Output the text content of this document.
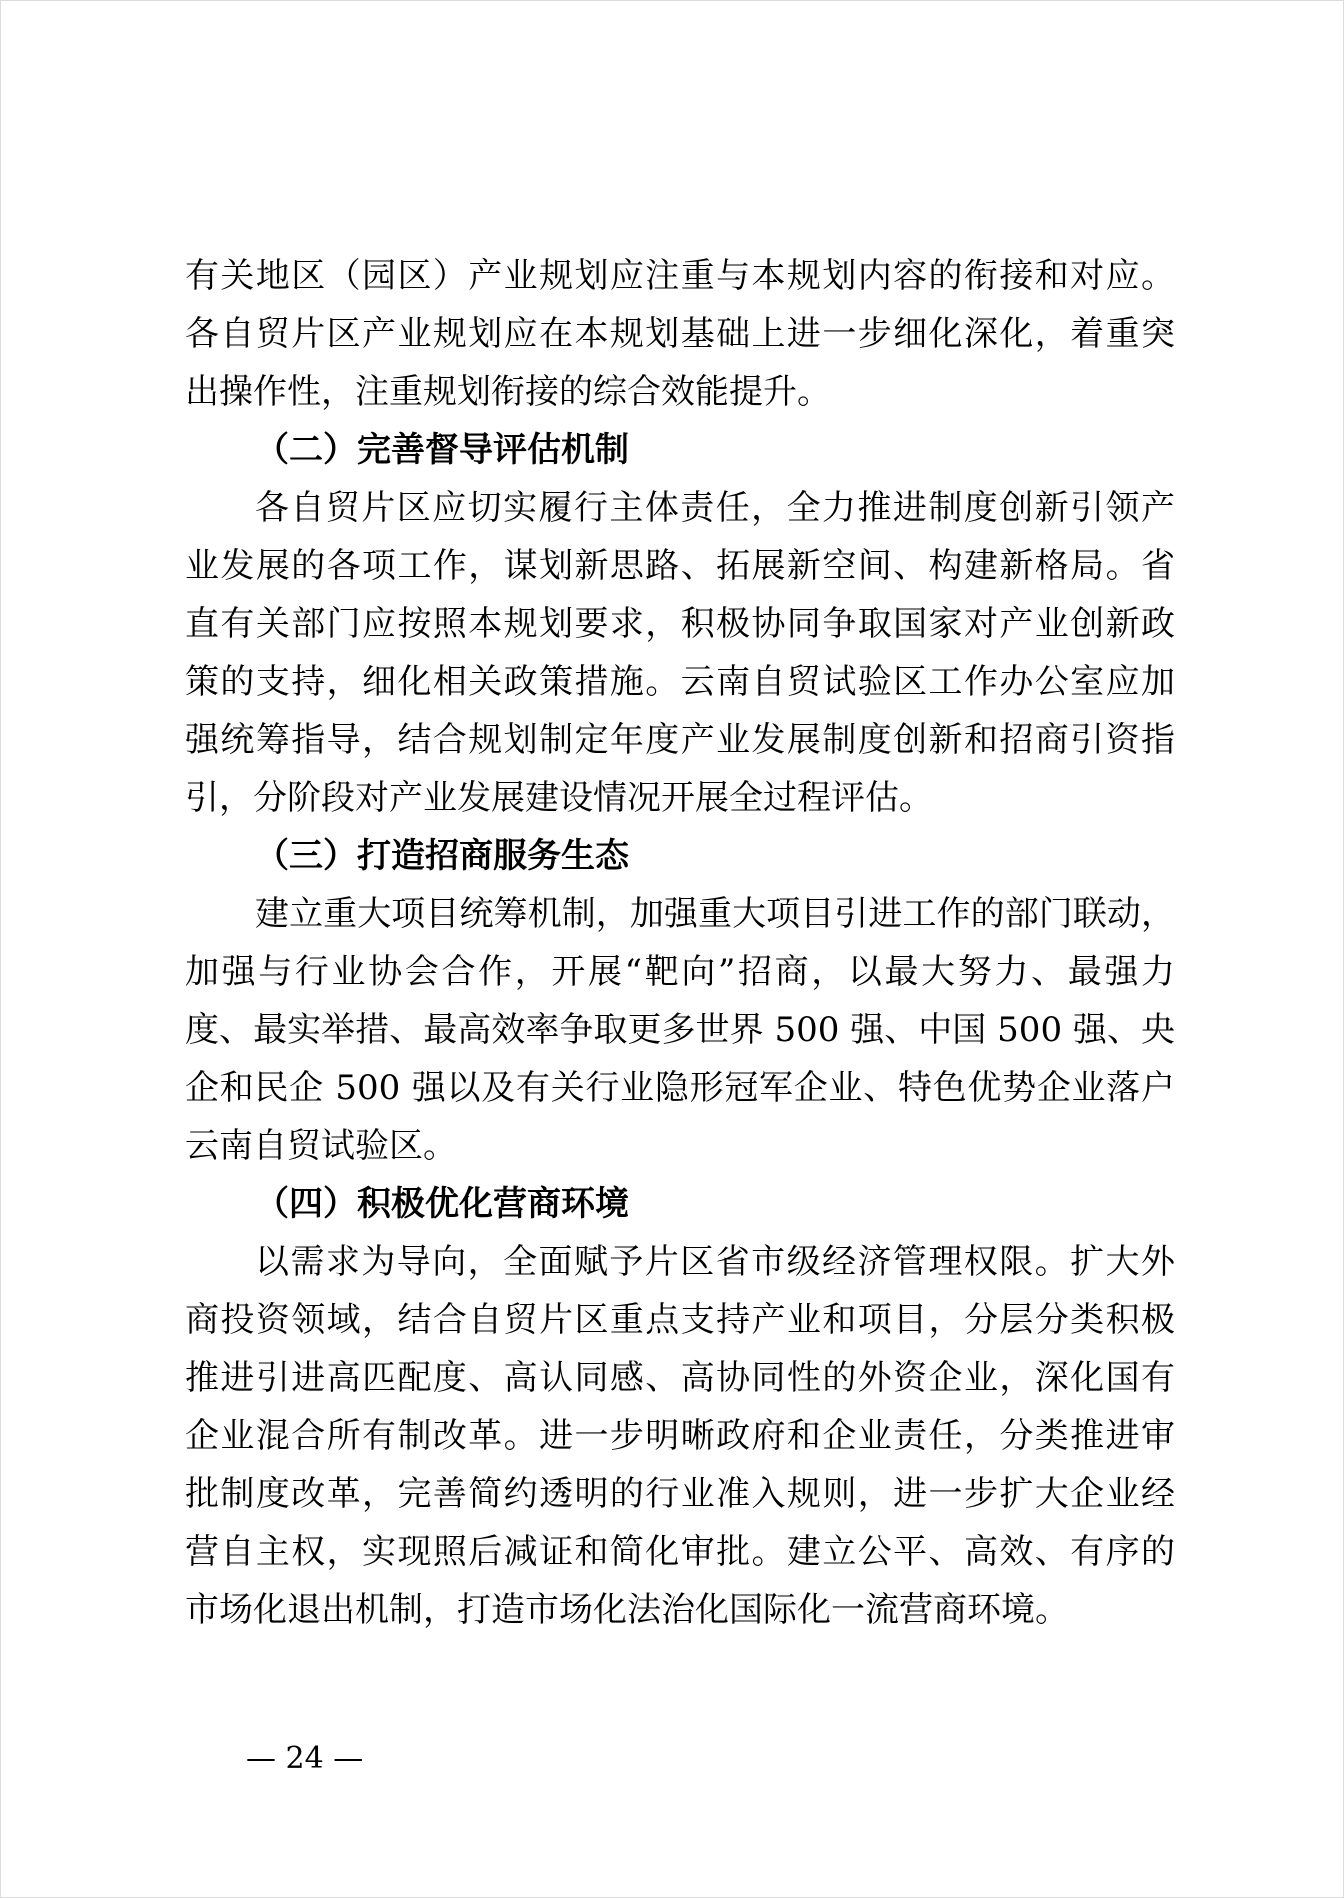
有关地区（园区）产业规划应注重与本规划内容的衔接和对应。
各自贸片区产业规划应在本规划基础上进一步细化深化，着重突
出操作性，注重规划衔接的综合效能提升。
（二）完善督导评估机制
各自贸片区应切实履行主体责任，全力推进制度创新引领产
业发展的各项工作，谋划新思路、拓展新空间、构建新格局。省
直有关部门应按照本规划要求，积极协同争取国家对产业创新政
策的支持，细化相关政策措施。云南自贸试验区工作办公室应加
强统筹指导，结合规划制定年度产业发展制度创新和招商引资指
引，分阶段对产业发展建设情况开展全过程评估。
（三）打造招商服务生态
建立重大项目统筹机制，加强重大项目引进工作的部门联动，
加强与行业协会合作，开展“靶向”招商，以最大努力、最强力
度、最实举措、最高效率争取更多世界 500 强、中国 500 强、央
企和民企 500 强以及有关行业隐形冠军企业、特色优势企业落户
云南自贸试验区。
（四）积极优化营商环境
以需求为导向，全面赋予片区省市级经济管理权限。扩大外
商投资领域，结合自贸片区重点支持产业和项目，分层分类积极
推进引进高匹配度、高认同感、高协同性的外资企业，深化国有
企业混合所有制改革。进一步明晰政府和企业责任，分类推进审
批制度改革，完善简约透明的行业准入规则，进一步扩大企业经
营自主权，实现照后减证和简化审批。建立公平、高效、有序的
市场化退出机制，打造市场化法治化国际化一流营商环境。
— 24 —
